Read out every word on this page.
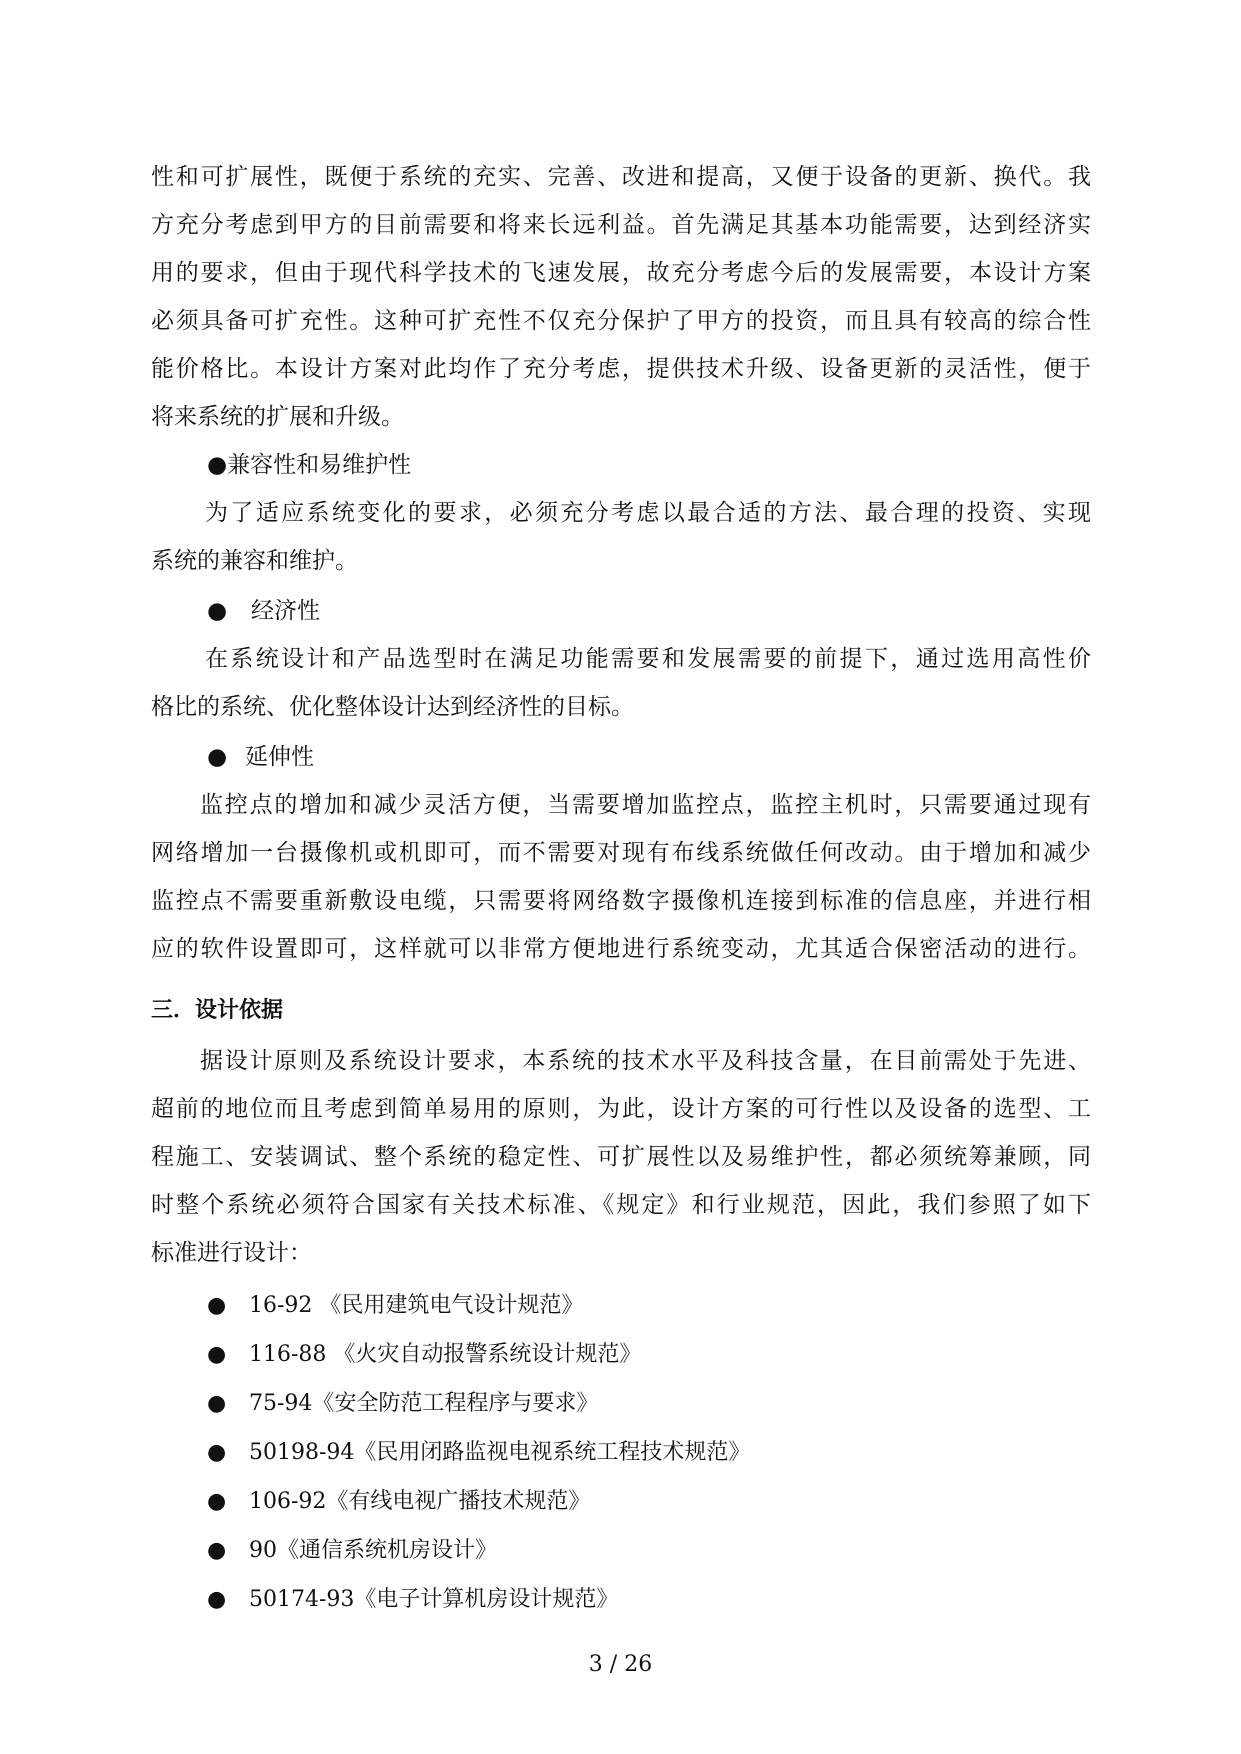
性和可扩展性，既便于系统的充实、完善、改进和提高，又便于设备的更新、换代。我
方充分考虑到甲方的目前需要和将来长远利益。首先满足其基本功能需要，达到经济实
用的要求，但由于现代科学技术的飞速发展，故充分考虑今后的发展需要，本设计方案
必须具备可扩充性。这种可扩充性不仅充分保护了甲方的投资，而且具有较高的综合性
能价格比。本设计方案对此均作了充分考虑，提供技术升级、设备更新的灵活性，便于
将来系统的扩展和升级。
●兼容性和易维护性
为了适应系统变化的要求，必须充分考虑以最合适的方法、最合理的投资、实现
系统的兼容和维护。
● 经济性
在系统设计和产品选型时在满足功能需要和发展需要的前提下，通过选用高性价
格比的系统、优化整体设计达到经济性的目标。
● 延伸性
监控点的增加和减少灵活方便，当需要增加监控点，监控主机时，只需要通过现有
网络增加一台摄像机或机即可，而不需要对现有布线系统做任何改动。由于增加和减少
监控点不需要重新敷设电缆，只需要将网络数字摄像机连接到标准的信息座，并进行相
应的软件设置即可，这样就可以非常方便地进行系统变动，尤其适合保密活动的进行。
三．设计依据
据设计原则及系统设计要求，本系统的技术水平及科技含量，在目前需处于先进、
超前的地位而且考虑到简单易用的原则，为此，设计方案的可行性以及设备的选型、工
程施工、安装调试、整个系统的稳定性、可扩展性以及易维护性，都必须统筹兼顾，同
时整个系统必须符合国家有关技术标准、《规定》和行业规范，因此，我们参照了如下
标准进行设计：
● 16-92 《民用建筑电气设计规范》
● 116-88 《火灾自动报警系统设计规范》
● 75-94《安全防范工程程序与要求》
● 50198-94《民用闭路监视电视系统工程技术规范》
● 106-92《有线电视广播技术规范》
● 90《通信系统机房设计》
● 50174-93《电子计算机房设计规范》
3 / 26
